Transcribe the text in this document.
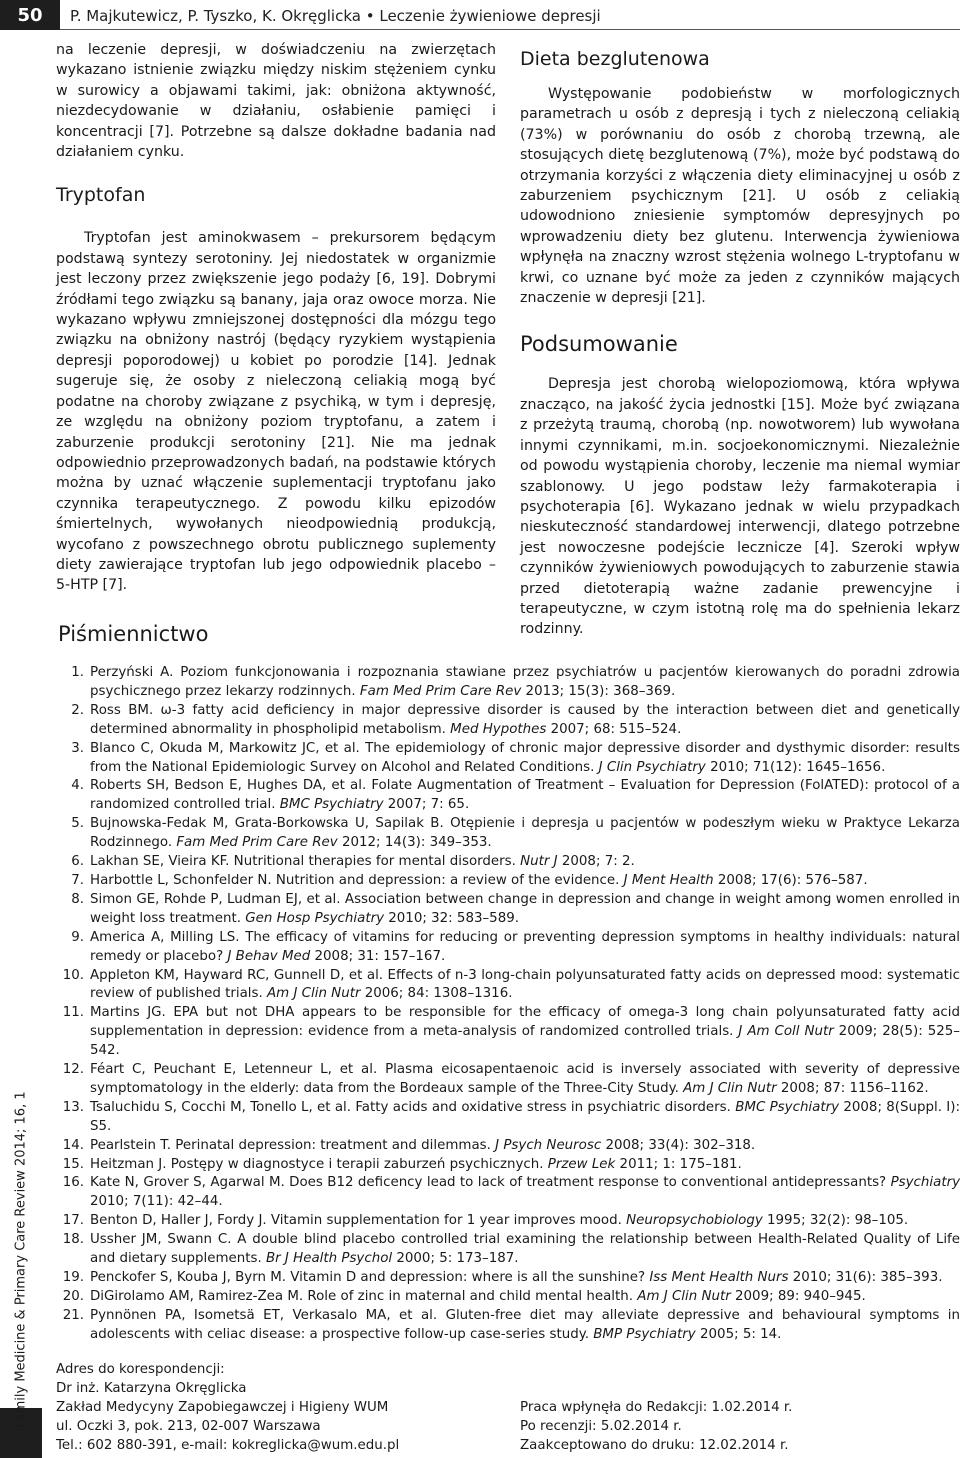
50	P. Majkutewicz, P. Tyszko, K. Okręglicka • Leczenie żywieniowe depresji
Family Medicine & Primary Care Review 2014; 16, 1

na leczenie depresji, w doświadczeniu na zwierzętach wykazano istnienie związku między niskim stężeniem cynku w surowicy a objawami takimi, jak: obniżona aktywność, niezdecydowanie w działaniu, osłabienie pamięci i koncentracji [7]. Potrzebne są dalsze dokładne badania nad działaniem cynku.

Tryptofan

Tryptofan jest aminokwasem – prekursorem będącym podstawą syntezy serotoniny. Jej niedostatek w organizmie jest leczony przez zwiększenie jego podaży [6, 19]. Dobrymi źródłami tego związku są banany, jaja oraz owoce morza. Nie wykazano wpływu zmniejszonej dostępności dla mózgu tego związku na obniżony nastrój (będący ryzykiem wystąpienia depresji poporodowej) u kobiet po porodzie [14]. Jednak sugeruje się, że osoby z nieleczoną celiakią mogą być podatne na choroby związane z psychiką, w tym i depresję, ze względu na obniżony poziom tryptofanu, a zatem i zaburzenie produkcji serotoniny [21]. Nie ma jednak odpowiednio przeprowadzonych badań, na podstawie których można by uznać włączenie suplementacji tryptofanu jako czynnika terapeutycznego. Z powodu kilku epizodów śmiertelnych, wywołanych nieodpowiednią produkcją, wycofano z powszechnego obrotu publicznego suplementy diety zawierające tryptofan lub jego odpowiednik placebo – 5-HTP [7].

Dieta bezglutenowa

Występowanie podobieństw w morfologicznych parametrach u osób z depresją i tych z nieleczoną celiakią (73%) w porównaniu do osób z chorobą trzewną, ale stosujących dietę bezglutenową (7%), może być podstawą do otrzymania korzyści z włączenia diety eliminacyjnej u osób z zaburzeniem psychicznym [21]. U osób z celiakią udowodniono zniesienie symptomów depresyjnych po wprowadzeniu diety bez glutenu. Interwencja żywieniowa wpłynęła na znaczny wzrost stężenia wolnego L-tryptofanu w krwi, co uznane być może za jeden z czynników mających znaczenie w depresji [21].

Podsumowanie

Depresja jest chorobą wielopoziomową, która wpływa znacząco, na jakość życia jednostki [15]. Może być związana z przeżytą traumą, chorobą (np. nowotworem) lub wywołana innymi czynnikami, m.in. socjoekonomicznymi. Niezależnie od powodu wystąpienia choroby, leczenie ma niemal wymiar szablonowy. U jego podstaw leży farmakoterapia i psychoterapia [6]. Wykazano jednak w wielu przypadkach nieskuteczność standardowej interwencji, dlatego potrzebne jest nowoczesne podejście lecznicze [4]. Szeroki wpływ czynników żywieniowych powodujących to zaburzenie stawia przed dietoterapią ważne zadanie prewencyjne i terapeutyczne, w czym istotną rolę ma do spełnienia lekarz rodzinny.

Piśmiennictwo
1. Perzyński A. Poziom funkcjonowania i rozpoznania stawiane przez psychiatrów u pacjentów kierowanych do poradni zdrowia psychicznego przez lekarzy rodzinnych. Fam Med Prim Care Rev 2013; 15(3): 368–369.
2. Ross BM. ω-3 fatty acid deficiency in major depressive disorder is caused by the interaction between diet and genetically determined abnormality in phospholipid metabolism. Med Hypothes 2007; 68: 515–524.
3. Blanco C, Okuda M, Markowitz JC, et al. The epidemiology of chronic major depressive disorder and dysthymic disorder: results from the National Epidemiologic Survey on Alcohol and Related Conditions. J Clin Psychiatry 2010; 71(12): 1645–1656.
4. Roberts SH, Bedson E, Hughes DA, et al. Folate Augmentation of Treatment – Evaluation for Depression (FolATED): protocol of a randomized controlled trial. BMC Psychiatry 2007; 7: 65.
5. Bujnowska-Fedak M, Grata-Borkowska U, Sapilak B. Otępienie i depresja u pacjentów w podeszłym wieku w Praktyce Lekarza Rodzinnego. Fam Med Prim Care Rev 2012; 14(3): 349–353.
6. Lakhan SE, Vieira KF. Nutritional therapies for mental disorders. Nutr J 2008; 7: 2.
7. Harbottle L, Schonfelder N. Nutrition and depression: a review of the evidence. J Ment Health 2008; 17(6): 576–587.
8. Simon GE, Rohde P, Ludman EJ, et al. Association between change in depression and change in weight among women enrolled in weight loss treatment. Gen Hosp Psychiatry 2010; 32: 583–589.
9. America A, Milling LS. The efficacy of vitamins for reducing or preventing depression symptoms in healthy individuals: natural remedy or placebo? J Behav Med 2008; 31: 157–167.
10. Appleton KM, Hayward RC, Gunnell D, et al. Effects of n-3 long-chain polyunsaturated fatty acids on depressed mood: systematic review of published trials. Am J Clin Nutr 2006; 84: 1308–1316.
11. Martins JG. EPA but not DHA appears to be responsible for the efficacy of omega-3 long chain polyunsaturated fatty acid supplementation in depression: evidence from a meta-analysis of randomized controlled trials. J Am Coll Nutr 2009; 28(5): 525–542.
12. Féart C, Peuchant E, Letenneur L, et al. Plasma eicosapentaenoic acid is inversely associated with severity of depressive symptomatology in the elderly: data from the Bordeaux sample of the Three-City Study. Am J Clin Nutr 2008; 87: 1156–1162.
13. Tsaluchidu S, Cocchi M, Tonello L, et al. Fatty acids and oxidative stress in psychiatric disorders. BMC Psychiatry 2008; 8(Suppl. I): S5.
14. Pearlstein T. Perinatal depression: treatment and dilemmas. J Psych Neurosc 2008; 33(4): 302–318.
15. Heitzman J. Postępy w diagnostyce i terapii zaburzeń psychicznych. Przew Lek 2011; 1: 175–181.
16. Kate N, Grover S, Agarwal M. Does B12 deficency lead to lack of treatment response to conventional antidepressants? Psychiatry 2010; 7(11): 42–44.
17. Benton D, Haller J, Fordy J. Vitamin supplementation for 1 year improves mood. Neuropsychobiology 1995; 32(2): 98–105.
18. Ussher JM, Swann C. A double blind placebo controlled trial examining the relationship between Health-Related Quality of Life and dietary supplements. Br J Health Psychol 2000; 5: 173–187.
19. Penckofer S, Kouba J, Byrn M. Vitamin D and depression: where is all the sunshine? Iss Ment Health Nurs 2010; 31(6): 385–393.
20. DiGirolamo AM, Ramirez-Zea M. Role of zinc in maternal and child mental health. Am J Clin Nutr 2009; 89: 940–945.
21. Pynnönen PA, Isometsä ET, Verkasalo MA, et al. Gluten-free diet may alleviate depressive and behavioural symptoms in adolescents with celiac disease: a prospective follow-up case-series study. BMP Psychiatry 2005; 5: 14.
Adres do korespondencji:
Dr inż. Katarzyna Okręglicka
Zakład Medycyny Zapobiegawczej i Higieny WUM
ul. Oczki 3, pok. 213, 02-007 Warszawa
Tel.: 602 880-391, e-mail: kokreglicka@wum.edu.pl
Praca wpłynęła do Redakcji: 1.02.2014 r.
Po recenzji: 5.02.2014 r.
Zaakceptowano do druku: 12.02.2014 r.
